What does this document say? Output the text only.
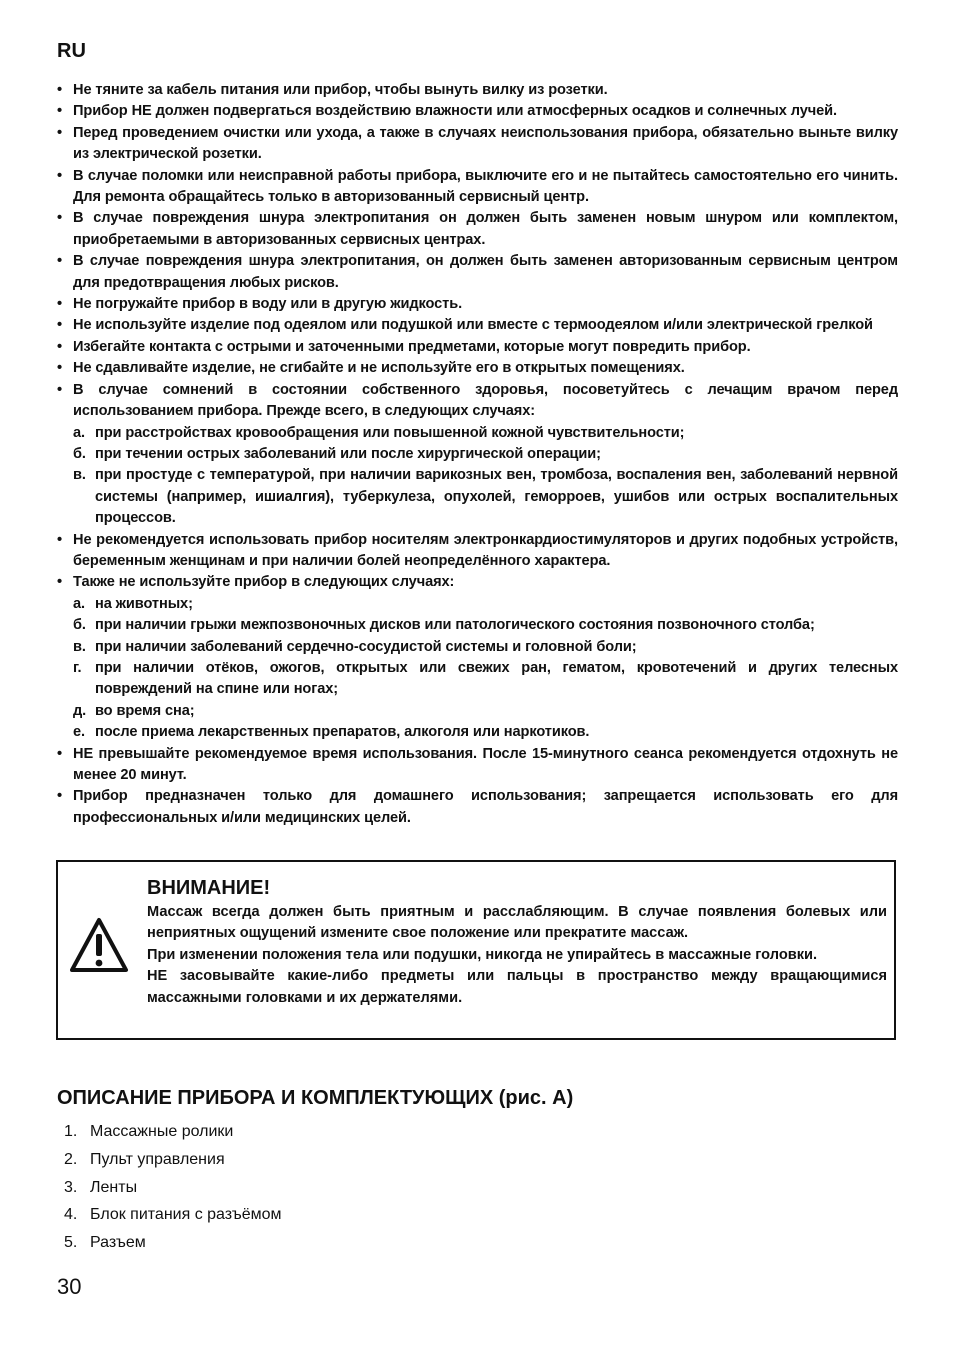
RU
• Не тяните за кабель питания или прибор, чтобы вынуть вилку из розетки.
• Прибор НЕ должен подвергаться воздействию влажности или атмосферных осадков и солнечных лучей.
• Перед проведением очистки или ухода, а также в случаях неиспользования прибора, обязательно выньте вилку из электрической розетки.
• В случае поломки или неисправной работы прибора, выключите его и не пытайтесь самостоятельно его чинить. Для ремонта обращайтесь только в авторизованный сервисный центр.
• В случае повреждения шнура электропитания он должен быть заменен новым шнуром или комплектом, приобретаемыми в авторизованных сервисных центрах.
• В случае повреждения шнура электропитания, он должен быть заменен авторизованным сервисным центром для предотвращения любых рисков.
• Не погружайте прибор в воду или в другую жидкость.
• Не используйте изделие под одеялом или подушкой или вместе с термоодеялом и/или электрической грелкой
• Избегайте контакта с острыми и заточенными предметами, которые могут повредить прибор.
• Не сдавливайте изделие, не сгибайте и не используйте его в открытых помещениях.
• В случае сомнений в состоянии собственного здоровья, посоветуйтесь с лечащим врачом перед использованием прибора. Прежде всего, в следующих случаях:
а. при расстройствах кровообращения или повышенной кожной чувствительности;
б. при течении острых заболеваний или после хирургической операции;
в. при простуде с температурой, при наличии варикозных вен, тромбоза, воспаления вен, заболеваний нервной системы (например, ишиалгия), туберкулеза, опухолей, геморроев, ушибов или острых воспалительных процессов.
• Не рекомендуется использовать прибор носителям электронкардиостимуляторов и других подобных устройств, беременным женщинам и при наличии болей неопределённого характера.
• Также не используйте прибор в следующих случаях:
а. на животных;
б. при наличии грыжи межпозвоночных дисков или патологического состояния позвоночного столба;
в. при наличии заболеваний сердечно-сосудистой системы и головной боли;
г. при наличии отёков, ожогов, открытых или свежих ран, гематом, кровотечений и других телесных повреждений на спине или ногах;
д. во время сна;
е. после приема лекарственных препаратов, алкоголя или наркотиков.
• НЕ превышайте рекомендуемое время использования. После 15-минутного сеанса рекомендуется отдохнуть не менее 20 минут.
• Прибор предназначен только для домашнего использования; запрещается использовать его для профессиональных и/или медицинских целей.
ВНИМАНИЕ!
Массаж всегда должен быть приятным и расслабляющим. В случае появления болевых или неприятных ощущений измените свое положение или прекратите массаж.
При изменении положения тела или подушки, никогда не упирайтесь в массажные головки.
НЕ засовывайте какие-либо предметы или пальцы в пространство между вращающимися массажными головками и их держателями.
ОПИСАНИЕ ПРИБОРА И КОМПЛЕКТУЮЩИХ (рис. А)
1. Массажные ролики
2. Пульт управления
3. Ленты
4. Блок питания с разъёмом
5. Разъем
30
